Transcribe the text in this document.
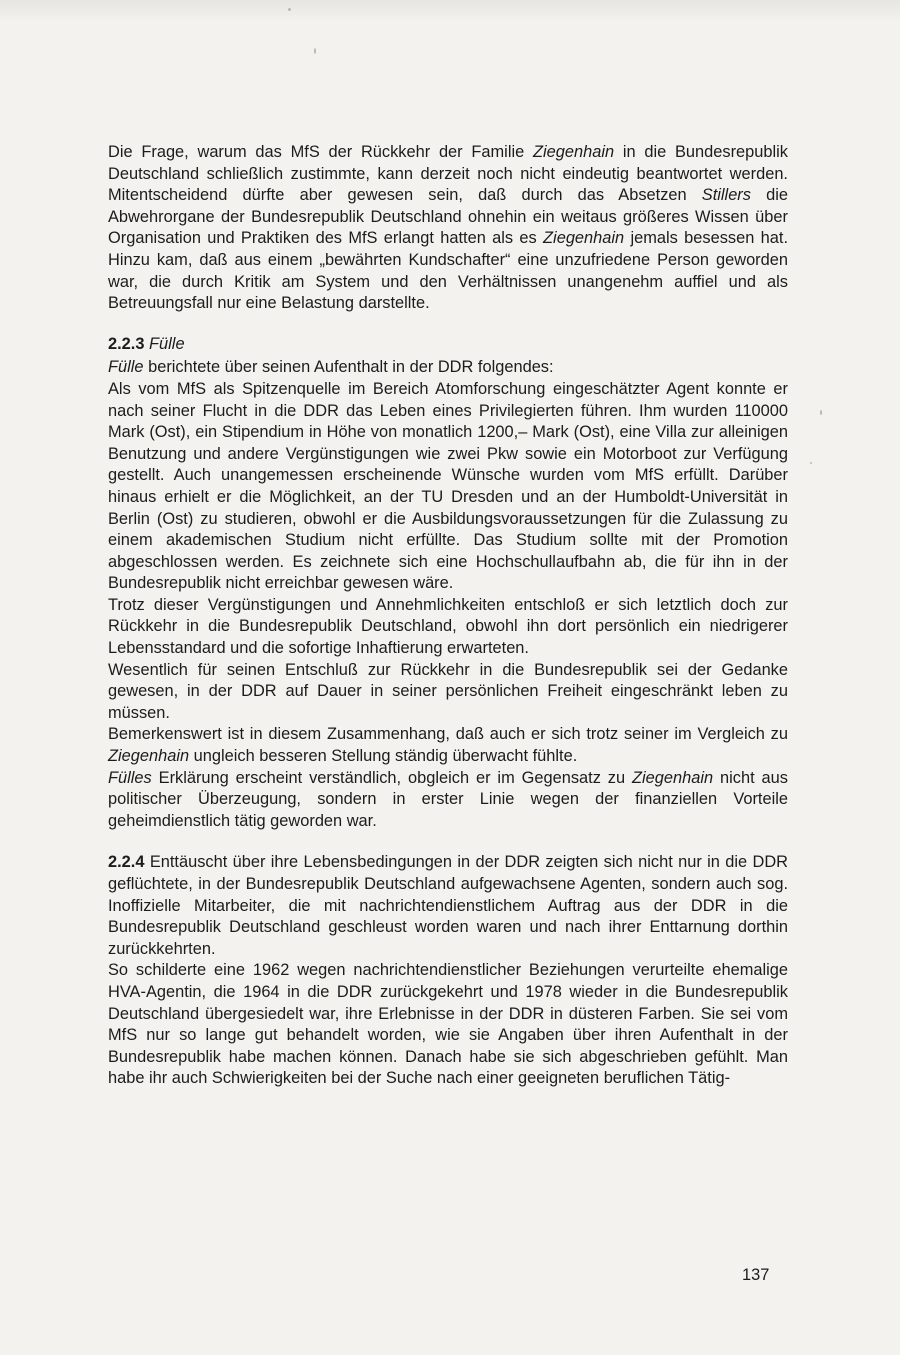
Die Frage, warum das MfS der Rückkehr der Familie Ziegenhain in die Bundesrepublik Deutschland schließlich zustimmte, kann derzeit noch nicht eindeutig beantwortet werden. Mitentscheidend dürfte aber gewesen sein, daß durch das Absetzen Stillers die Abwehrorgane der Bundesrepublik Deutschland ohnehin ein weitaus größeres Wissen über Organisation und Praktiken des MfS erlangt hatten als es Ziegenhain jemals besessen hat. Hinzu kam, daß aus einem „bewährten Kundschafter“ eine unzufriedene Person geworden war, die durch Kritik am System und den Verhältnissen unangenehm auffiel und als Betreuungsfall nur eine Belastung darstellte.

2.2.3 Fülle

Fülle berichtete über seinen Aufenthalt in der DDR folgendes:

Als vom MfS als Spitzenquelle im Bereich Atomforschung eingeschätzter Agent konnte er nach seiner Flucht in die DDR das Leben eines Privilegierten führen. Ihm wurden 110000 Mark (Ost), ein Stipendium in Höhe von monatlich 1200,– Mark (Ost), eine Villa zur alleinigen Benutzung und andere Vergünstigungen wie zwei Pkw sowie ein Motorboot zur Verfügung gestellt. Auch unangemessen erscheinende Wünsche wurden vom MfS erfüllt. Darüber hinaus erhielt er die Möglichkeit, an der TU Dresden und an der Humboldt-Universität in Berlin (Ost) zu studieren, obwohl er die Ausbildungsvoraussetzungen für die Zulassung zu einem akademischen Studium nicht erfüllte. Das Studium sollte mit der Promotion abgeschlossen werden. Es zeichnete sich eine Hochschullaufbahn ab, die für ihn in der Bundesrepublik nicht erreichbar gewesen wäre.

Trotz dieser Vergünstigungen und Annehmlichkeiten entschloß er sich letztlich doch zur Rückkehr in die Bundesrepublik Deutschland, obwohl ihn dort persönlich ein niedrigerer Lebensstandard und die sofortige Inhaftierung erwarteten.

Wesentlich für seinen Entschluß zur Rückkehr in die Bundesrepublik sei der Gedanke gewesen, in der DDR auf Dauer in seiner persönlichen Freiheit eingeschränkt leben zu müssen.

Bemerkenswert ist in diesem Zusammenhang, daß auch er sich trotz seiner im Vergleich zu Ziegenhain ungleich besseren Stellung ständig überwacht fühlte.

Fülles Erklärung erscheint verständlich, obgleich er im Gegensatz zu Ziegenhain nicht aus politischer Überzeugung, sondern in erster Linie wegen der finanziellen Vorteile geheimdienstlich tätig geworden war.

2.2.4 Enttäuscht über ihre Lebensbedingungen in der DDR zeigten sich nicht nur in die DDR geflüchtete, in der Bundesrepublik Deutschland aufgewachsene Agenten, sondern auch sog. Inoffizielle Mitarbeiter, die mit nachrichtendienstlichem Auftrag aus der DDR in die Bundesrepublik Deutschland geschleust worden waren und nach ihrer Enttarnung dorthin zurückkehrten.

So schilderte eine 1962 wegen nachrichtendienstlicher Beziehungen verurteilte ehemalige HVA-Agentin, die 1964 in die DDR zurückgekehrt und 1978 wieder in die Bundesrepublik Deutschland übergesiedelt war, ihre Erlebnisse in der DDR in düsteren Farben. Sie sei vom MfS nur so lange gut behandelt worden, wie sie Angaben über ihren Aufenthalt in der Bundesrepublik habe machen können. Danach habe sie sich abgeschrieben gefühlt. Man habe ihr auch Schwierigkeiten bei der Suche nach einer geeigneten beruflichen Tätig-

137
